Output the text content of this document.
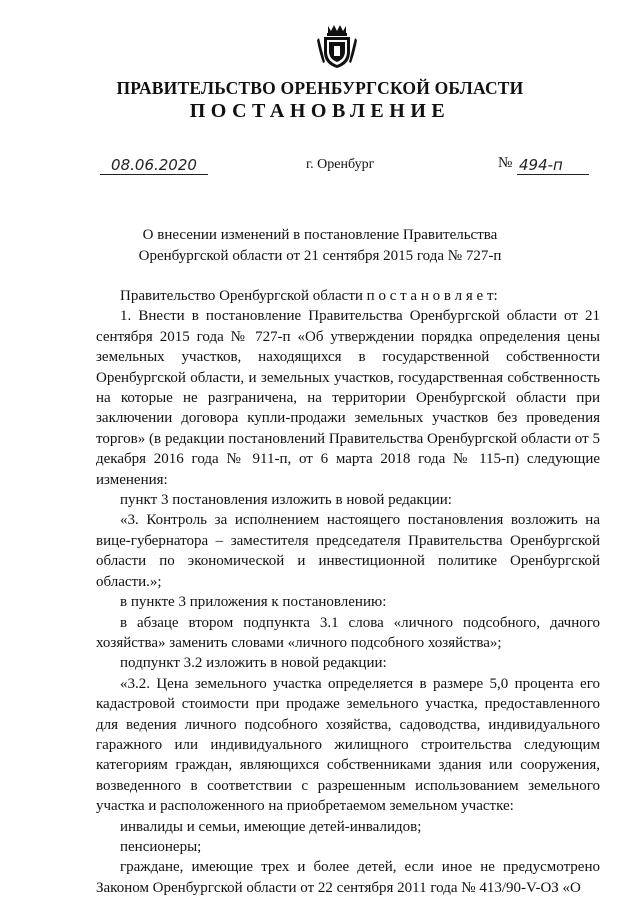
ПРАВИТЕЛЬСТВО ОРЕНБУРГСКОЙ ОБЛАСТИ
ПОСТАНОВЛЕНИЕ
08.06.2020	г. Оренбург	№ 494-п
О внесении изменений в постановление Правительства
Оренбургской области от 21 сентября 2015 года № 727-п

Правительство Оренбургской области п о с т а н о в л я е т:

1. Внести в постановление Правительства Оренбургской области от 21 сентября 2015 года № 727-п «Об утверждении порядка определения цены земельных участков, находящихся в государственной собственности Оренбургской области, и земельных участков, государственная собственность на которые не разграничена, на территории Оренбургской области при заключении договора купли-продажи земельных участков без проведения торгов» (в редакции постановлений Правительства Оренбургской области от 5 декабря 2016 года № 911-п, от 6 марта 2018 года № 115-п) следующие изменения:

пункт 3 постановления изложить в новой редакции:

«3. Контроль за исполнением настоящего постановления возложить на вице-губернатора – заместителя председателя Правительства Оренбургской области по экономической и инвестиционной политике Оренбургской области.»;

в пункте 3 приложения к постановлению:

в абзаце втором подпункта 3.1 слова «личного подсобного, дачного хозяйства» заменить словами «личного подсобного хозяйства»;

подпункт 3.2 изложить в новой редакции:

«3.2. Цена земельного участка определяется в размере 5,0 процента его кадастровой стоимости при продаже земельного участка, предоставленного для ведения личного подсобного хозяйства, садоводства, индивидуального гаражного или индивидуального жилищного строительства следующим категориям граждан, являющихся собственниками здания или сооружения, возведенного в соответствии с разрешенным использованием земельного участка и расположенного на приобретаемом земельном участке:

инвалиды и семьи, имеющие детей-инвалидов;

пенсионеры;

граждане, имеющие трех и более детей, если иное не предусмотрено Законом Оренбургской области от 22 сентября 2011 года № 413/90-V-ОЗ «О
